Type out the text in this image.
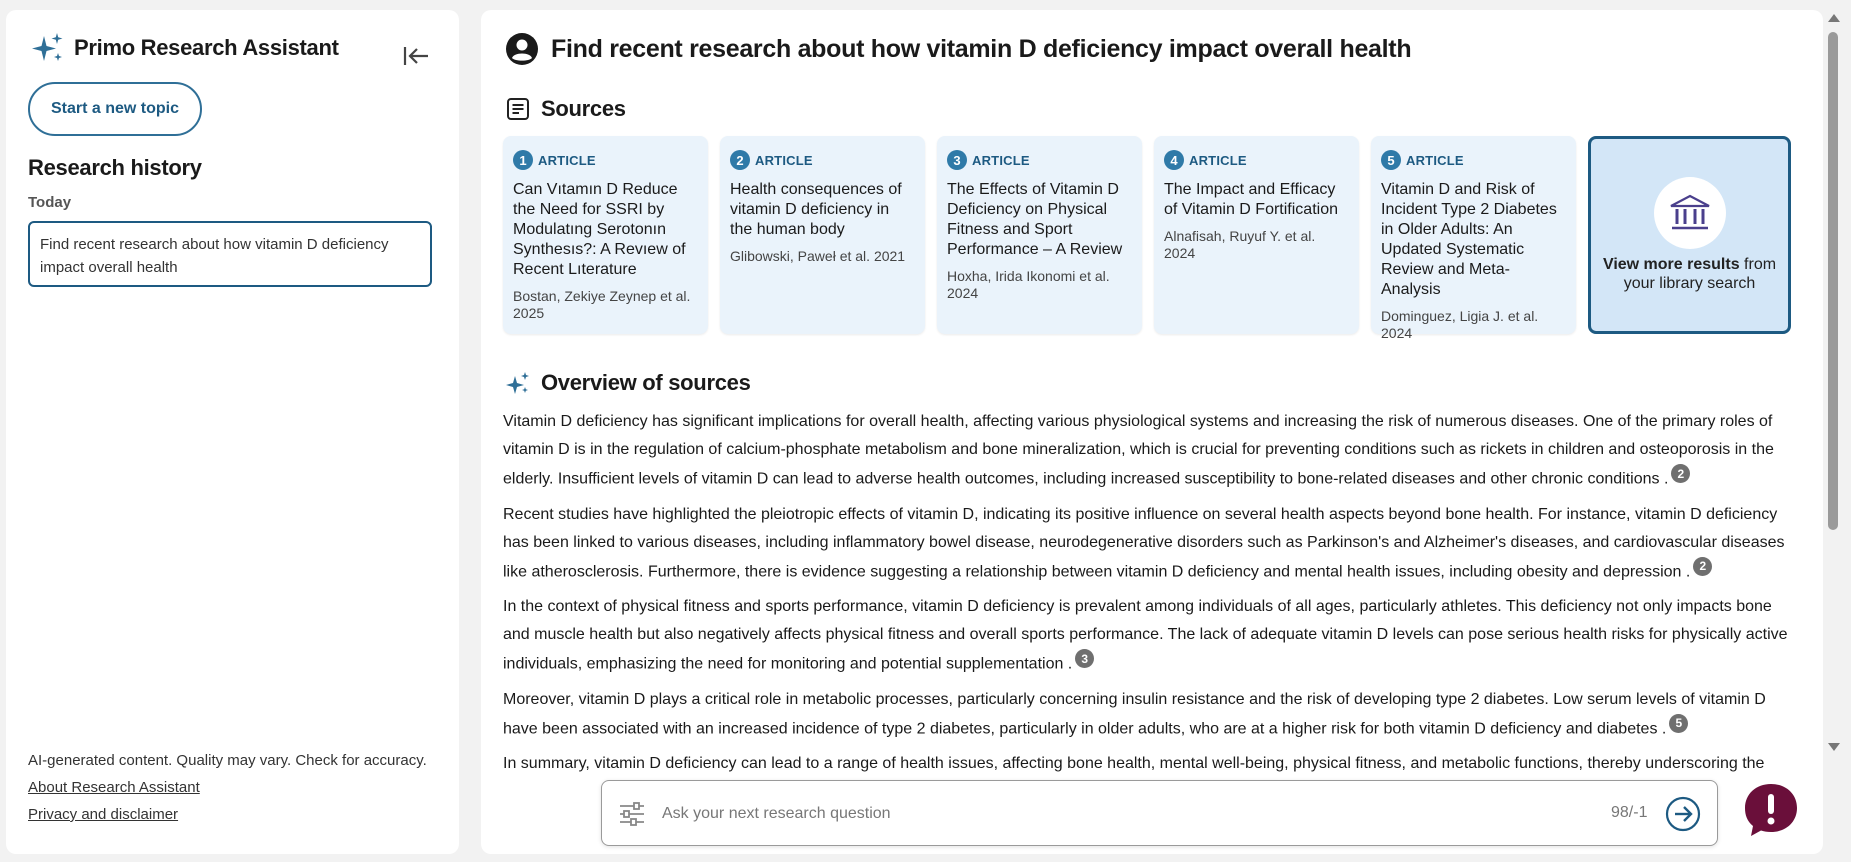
Primo Research Assistant
Start a new topic
Research history
Today
Find recent research about how vitamin D deficiency impact overall health
AI-generated content. Quality may vary. Check for accuracy.
About Research Assistant
Privacy and disclaimer
Find recent research about how vitamin D deficiency impact overall health
Sources
1 ARTICLE
Can Vıtamın D Reduce the Need for SSRI by Modulatıng Serotonın Synthesıs?: A Revıew of Recent Lıterature
Bostan, Zekiye Zeynep et al. 2025
2 ARTICLE
Health consequences of vitamin D deficiency in the human body
Glibowski, Paweł et al. 2021
3 ARTICLE
The Effects of Vitamin D Deficiency on Physical Fitness and Sport Performance – A Review
Hoxha, Irida Ikonomi et al. 2024
4 ARTICLE
The Impact and Efficacy of Vitamin D Fortification
Alnafisah, Ruyuf Y. et al. 2024
5 ARTICLE
Vitamin D and Risk of Incident Type 2 Diabetes in Older Adults: An Updated Systematic Review and Meta-Analysis
Dominguez, Ligia J. et al. 2024
View more results from your library search
Overview of sources

Vitamin D deficiency has significant implications for overall health, affecting various physiological systems and increasing the risk of numerous diseases. One of the primary roles of vitamin D is in the regulation of calcium-phosphate metabolism and bone mineralization, which is crucial for preventing conditions such as rickets in children and osteoporosis in the elderly. Insufficient levels of vitamin D can lead to adverse health outcomes, including increased susceptibility to bone-related diseases and other chronic conditions . 2

Recent studies have highlighted the pleiotropic effects of vitamin D, indicating its positive influence on several health aspects beyond bone health. For instance, vitamin D deficiency has been linked to various diseases, including inflammatory bowel disease, neurodegenerative disorders such as Parkinson's and Alzheimer's diseases, and cardiovascular diseases like atherosclerosis. Furthermore, there is evidence suggesting a relationship between vitamin D deficiency and mental health issues, including obesity and depression . 2

In the context of physical fitness and sports performance, vitamin D deficiency is prevalent among individuals of all ages, particularly athletes. This deficiency not only impacts bone and muscle health but also negatively affects physical fitness and overall sports performance. The lack of adequate vitamin D levels can pose serious health risks for physically active individuals, emphasizing the need for monitoring and potential supplementation . 3

Moreover, vitamin D plays a critical role in metabolic processes, particularly concerning insulin resistance and the risk of developing type 2 diabetes. Low serum levels of vitamin D have been associated with an increased incidence of type 2 diabetes, particularly in older adults, who are at a higher risk for both vitamin D deficiency and diabetes . 5

In summary, vitamin D deficiency can lead to a range of health issues, affecting bone health, mental well-being, physical fitness, and metabolic functions, thereby underscoring the

Ask your next research question
98/-1
